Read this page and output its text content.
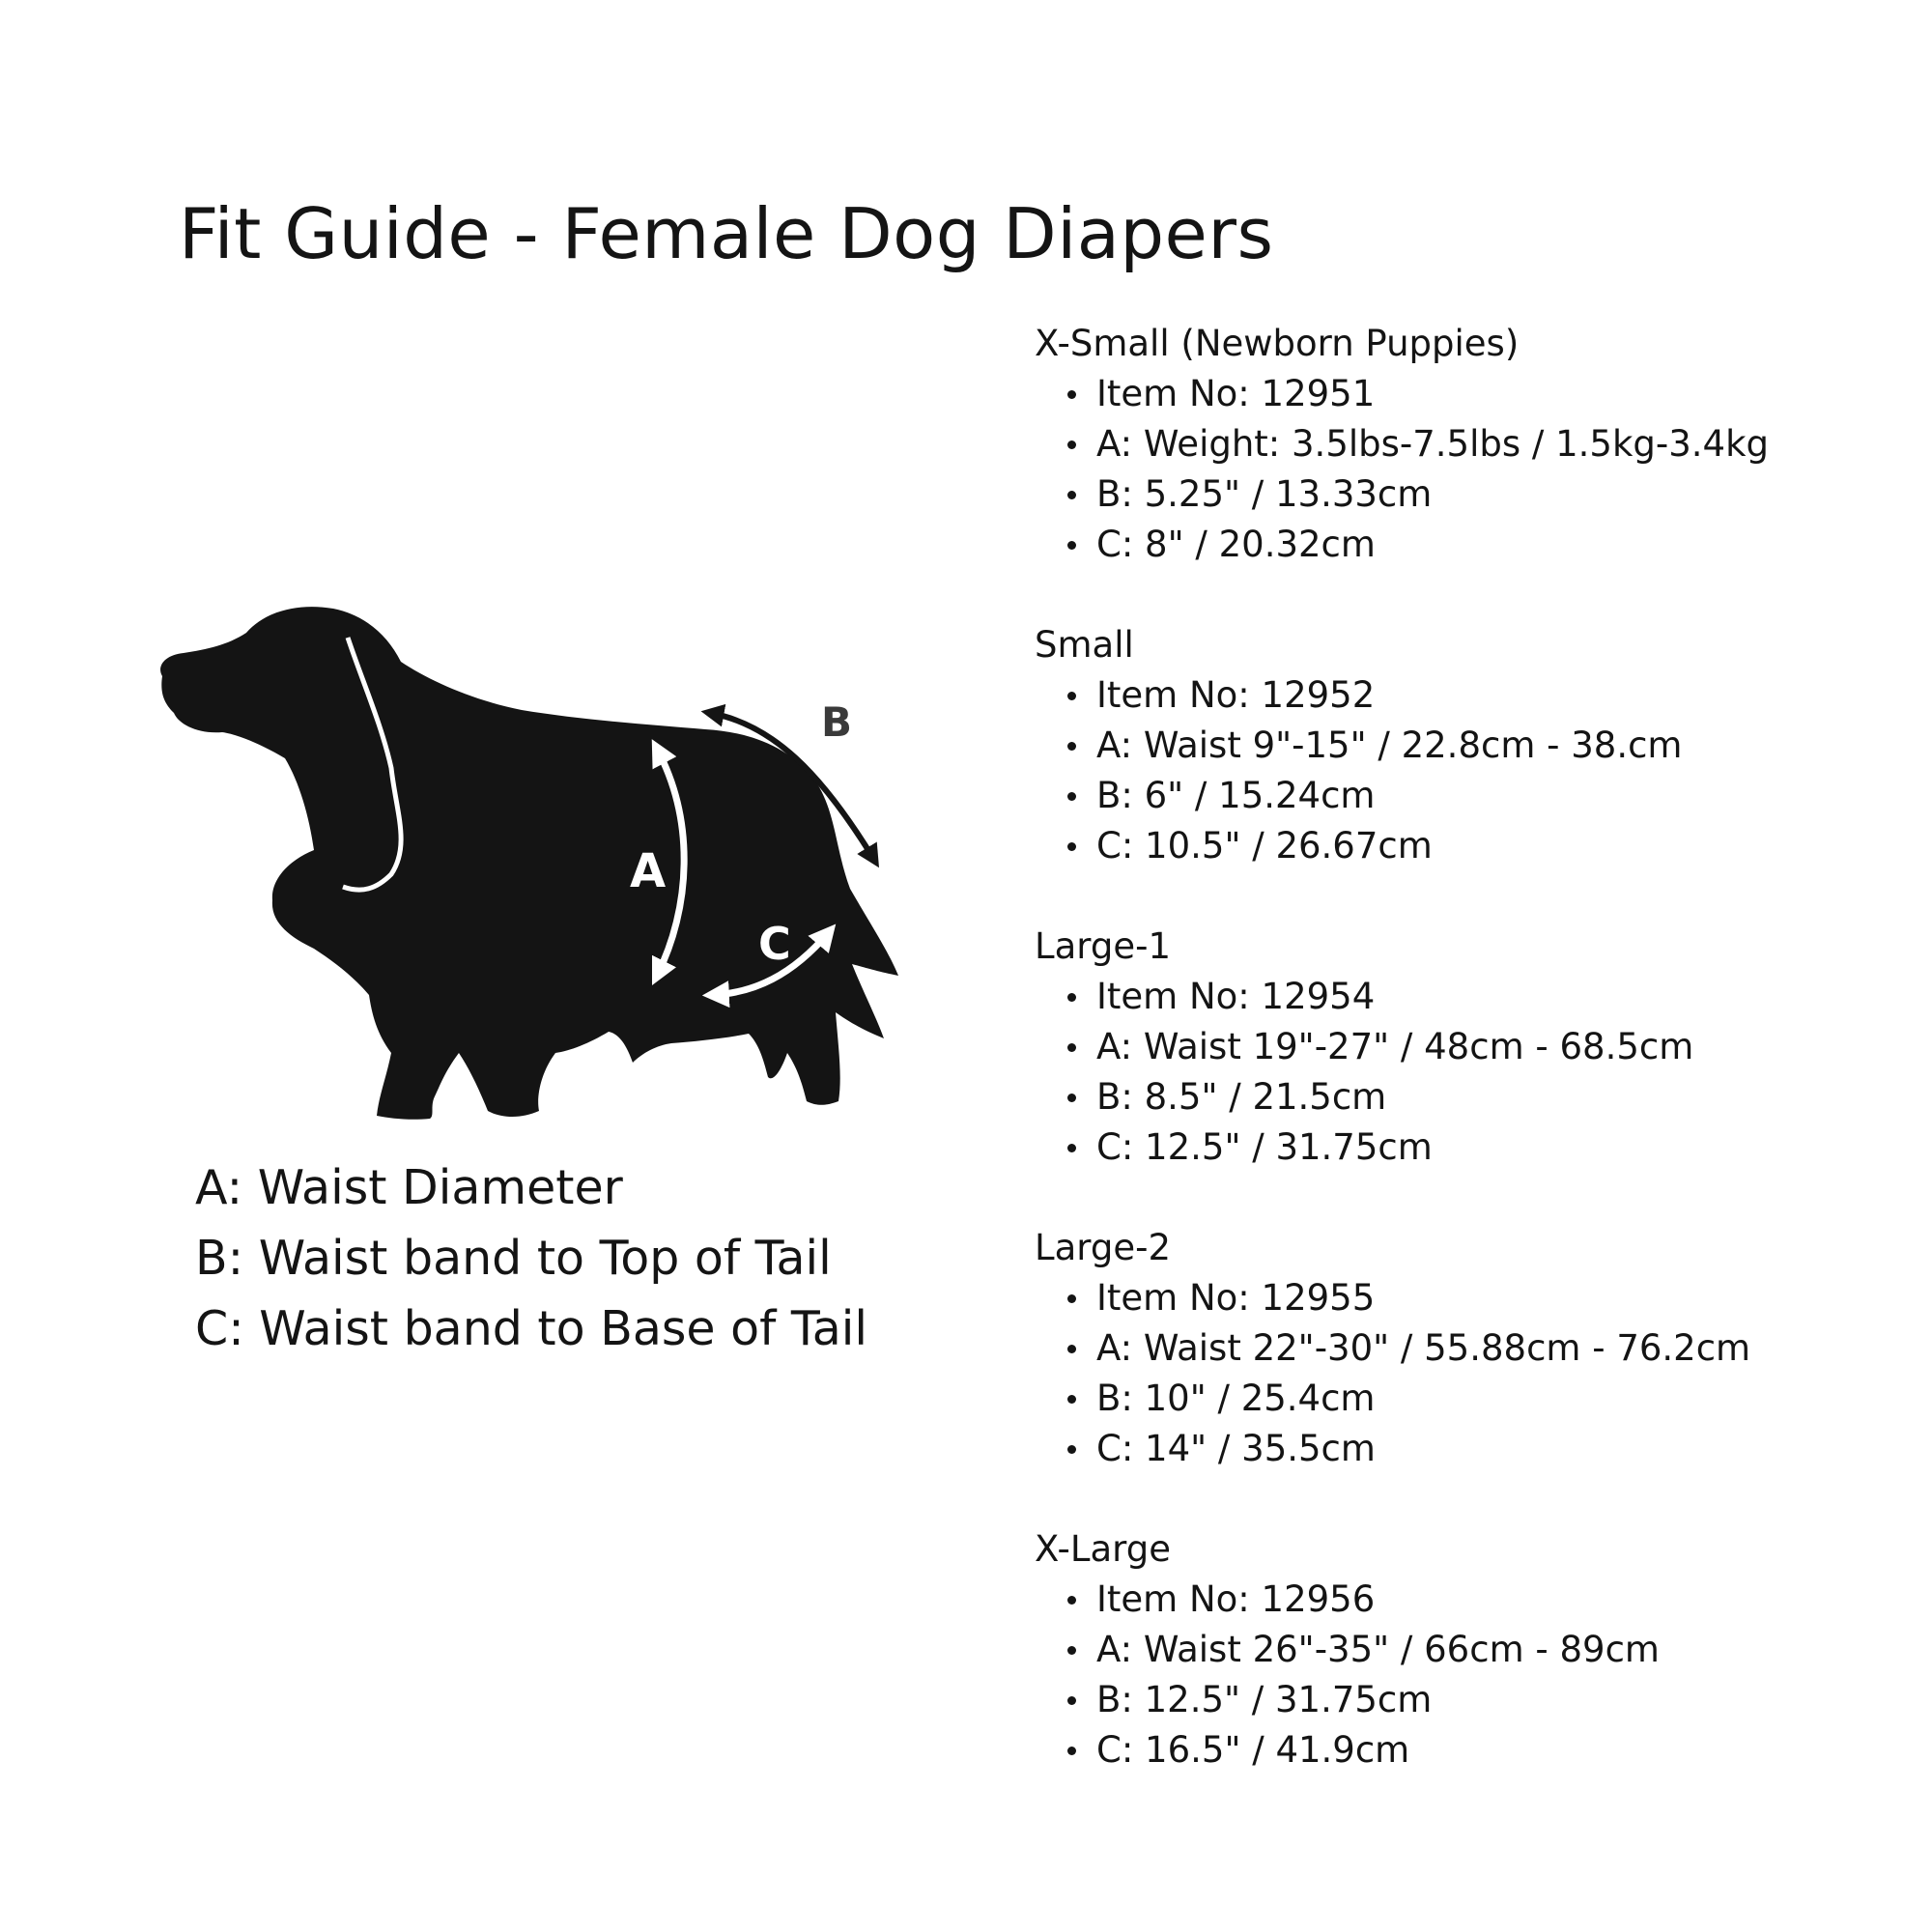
Fit Guide - Female Dog Diapers
A
B
C
A: Waist Diameter
B: Waist band to Top of Tail
C: Waist band to Base of Tail
X-Small (Newborn Puppies)
Item No: 12951
A: Weight: 3.5lbs-7.5lbs / 1.5kg-3.4kg
B: 5.25" / 13.33cm
C: 8" / 20.32cm
Small
Item No: 12952
A: Waist 9"-15" / 22.8cm - 38.cm
B: 6" / 15.24cm
C: 10.5" / 26.67cm
Large-1
Item No: 12954
A: Waist 19"-27" / 48cm - 68.5cm
B: 8.5" / 21.5cm
C: 12.5" / 31.75cm
Large-2
Item No: 12955
A: Waist 22"-30" / 55.88cm - 76.2cm
B: 10" / 25.4cm
C: 14" / 35.5cm
X-Large
Item No: 12956
A: Waist 26"-35" / 66cm - 89cm
B: 12.5" / 31.75cm
C: 16.5" / 41.9cm
